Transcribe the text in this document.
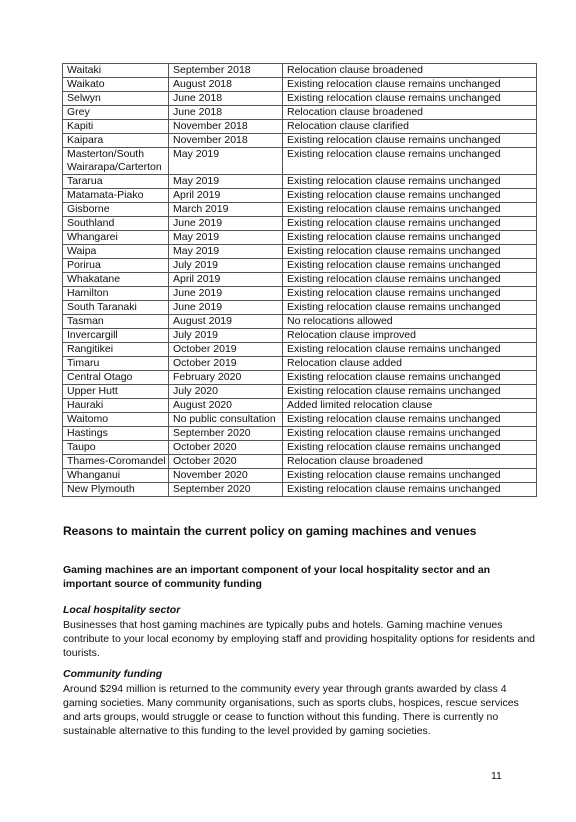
Waitaki	September 2018	Relocation clause broadened
Waikato	August 2018	Existing relocation clause remains unchanged
Selwyn	June 2018	Existing relocation clause remains unchanged
Grey	June 2018	Relocation clause broadened
Kapiti	November 2018	Relocation clause clarified
Kaipara	November 2018	Existing relocation clause remains unchanged
Masterton/South Wairarapa/Carterton	May 2019	Existing relocation clause remains unchanged
Tararua	May 2019	Existing relocation clause remains unchanged
Matamata-Piako	April 2019	Existing relocation clause remains unchanged
Gisborne	March 2019	Existing relocation clause remains unchanged
Southland	June 2019	Existing relocation clause remains unchanged
Whangarei	May 2019	Existing relocation clause remains unchanged
Waipa	May 2019	Existing relocation clause remains unchanged
Porirua	July 2019	Existing relocation clause remains unchanged
Whakatane	April 2019	Existing relocation clause remains unchanged
Hamilton	June 2019	Existing relocation clause remains unchanged
South Taranaki	June 2019	Existing relocation clause remains unchanged
Tasman	August 2019	No relocations allowed
Invercargill	July 2019	Relocation clause improved
Rangitikei	October 2019	Existing relocation clause remains unchanged
Timaru	October 2019	Relocation clause added
Central Otago	February 2020	Existing relocation clause remains unchanged
Upper Hutt	July 2020	Existing relocation clause remains unchanged
Hauraki	August 2020	Added limited relocation clause
Waitomo	No public consultation	Existing relocation clause remains unchanged
Hastings	September 2020	Existing relocation clause remains unchanged
Taupo	October 2020	Existing relocation clause remains unchanged
Thames-Coromandel	October 2020	Relocation clause broadened
Whanganui	November 2020	Existing relocation clause remains unchanged
New Plymouth	September 2020	Existing relocation clause remains unchanged
Reasons to maintain the current policy on gaming machines and venues
Gaming machines are an important component of your local hospitality sector and an important source of community funding
Local hospitality sector
Businesses that host gaming machines are typically pubs and hotels. Gaming machine venues contribute to your local economy by employing staff and providing hospitality options for residents and tourists.
Community funding
Around $294 million is returned to the community every year through grants awarded by class 4 gaming societies. Many community organisations, such as sports clubs, hospices, rescue services and arts groups, would struggle or cease to function without this funding. There is currently no sustainable alternative to this funding to the level provided by gaming societies.
11
